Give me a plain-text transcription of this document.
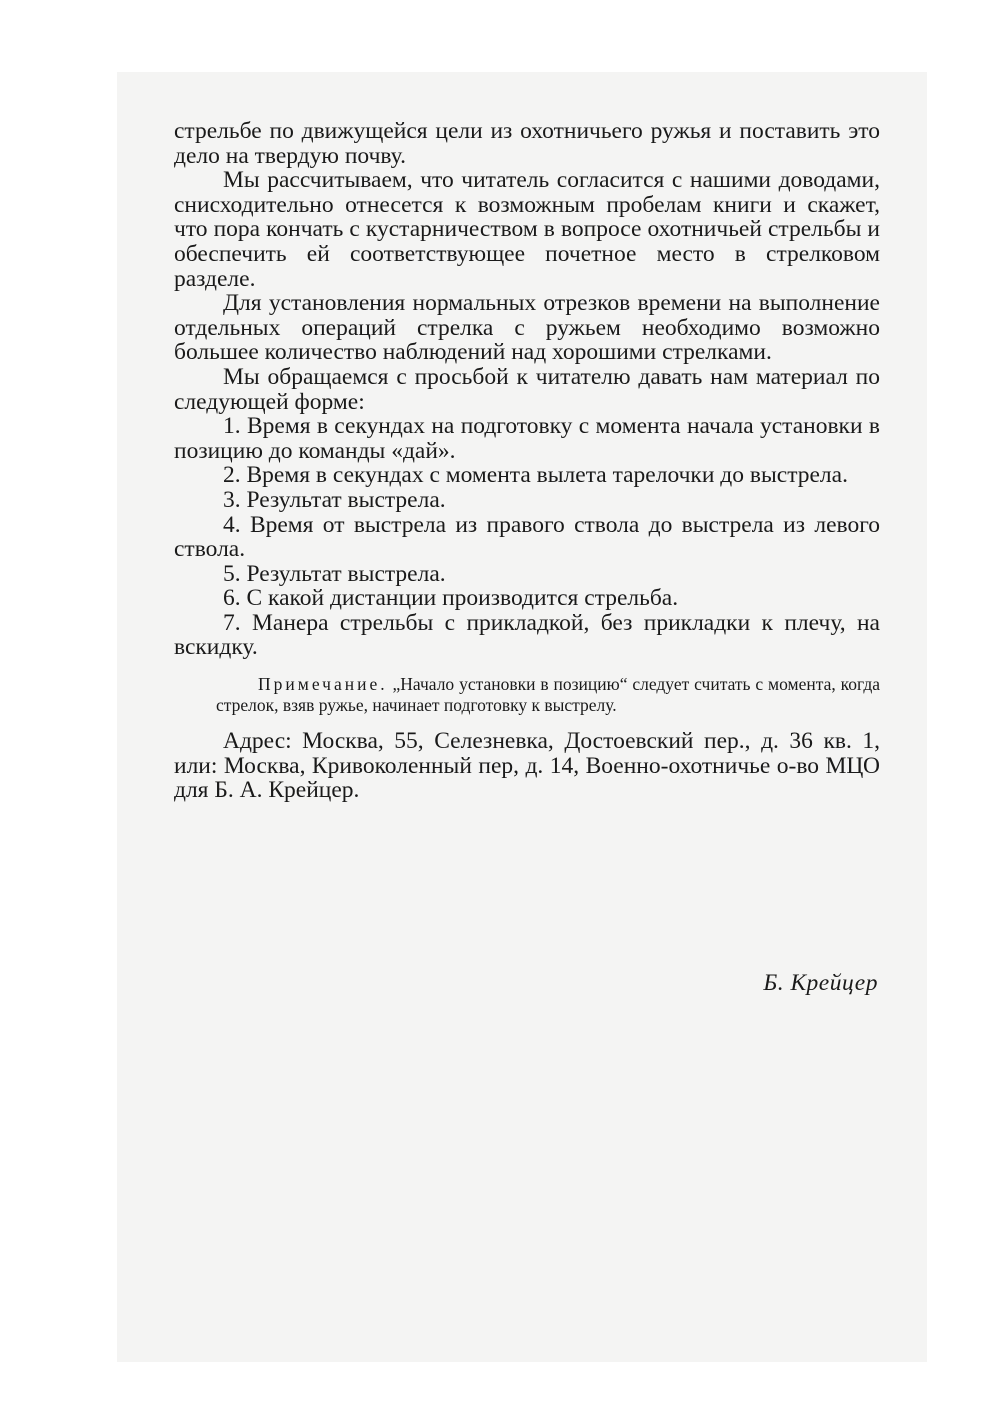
стрельбе по движущейся цели из охотничьего ружья и поставить это дело на твердую почву.

Мы рассчитываем, что читатель согласится с нашими доводами, снисходительно отнесется к возможным пробелам книги и скажет, что пора кончать с кустарничеством в вопросе охотничьей стрельбы и обеспечить ей соответствующее почетное место в стрелковом разделе.

Для установления нормальных отрезков времени на выполнение отдельных операций стрелка с ружьем необходимо возможно большее количество наблюдений над хорошими стрелками.

Мы обращаемся с просьбой к читателю давать нам материал по следующей форме:

1. Время в секундах на подготовку с момента начала установки в позицию до команды «дай».

2. Время в секундах с момента вылета тарелочки до выстрела.

3. Результат выстрела.

4. Время от выстрела из правого ствола до выстрела из левого ствола.

5. Результат выстрела.

6. С какой дистанции производится стрельба.

7. Манера стрельбы с прикладкой, без прикладки к плечу, на вскидку.

Примечание. „Начало установки в позицию“ следует считать с момента, когда стрелок, взяв ружье, начинает подготовку к выстрелу.

Адрес: Москва, 55, Селезневка, Достоевский пер., д. 36 кв. 1, или: Москва, Кривоколенный пер, д. 14, Военно-охотничье о-во МЦО для Б. А. Крейцер.

Б. Крейцер
